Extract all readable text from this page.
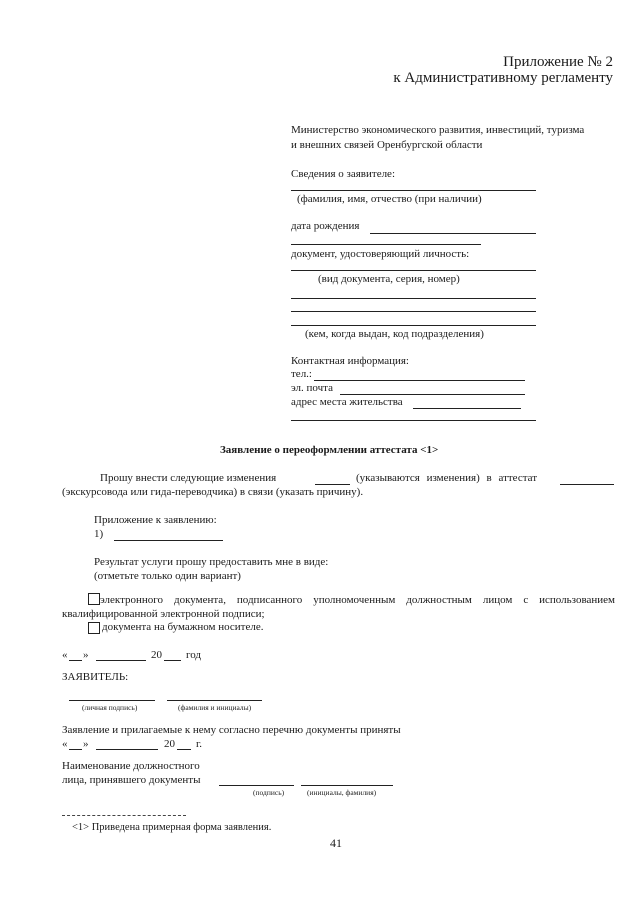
Приложение № 2
к Административному регламенту
Министерство экономического развития, инвестиций, туризма
и внешних связей Оренбургской области
Сведения о заявителе:
(фамилия, имя, отчество (при наличии)
дата рождения
документ, удостоверяющий личность:
(вид документа, серия, номер)
(кем, когда выдан, код подразделения)
Контактная информация:
тел.:
эл. почта
адрес места жительства
Заявление о переоформлении аттестата <1>
Прошу внести следующие изменения	(указываются изменения) в аттестат
(экскурсовода или гида-переводчика) в связи (указать причину).
Приложение к заявлению:
1)
Результат услуги прошу предоставить мне в виде:
(отметьте только один вариант)
электронного документа, подписанного уполномоченным должностным лицом с использованием квалифицированной электронной подписи;
документа на бумажном носителе.
« »	20 год
ЗАЯВИТЕЛЬ:
(личная подпись)	(фамилия и инициалы)
Заявление и прилагаемые к нему согласно перечню документы приняты
« »	20 г.
Наименование должностного
лица, принявшего документы
(подпись)	(инициалы, фамилия)
<1> Приведена примерная форма заявления.
41
